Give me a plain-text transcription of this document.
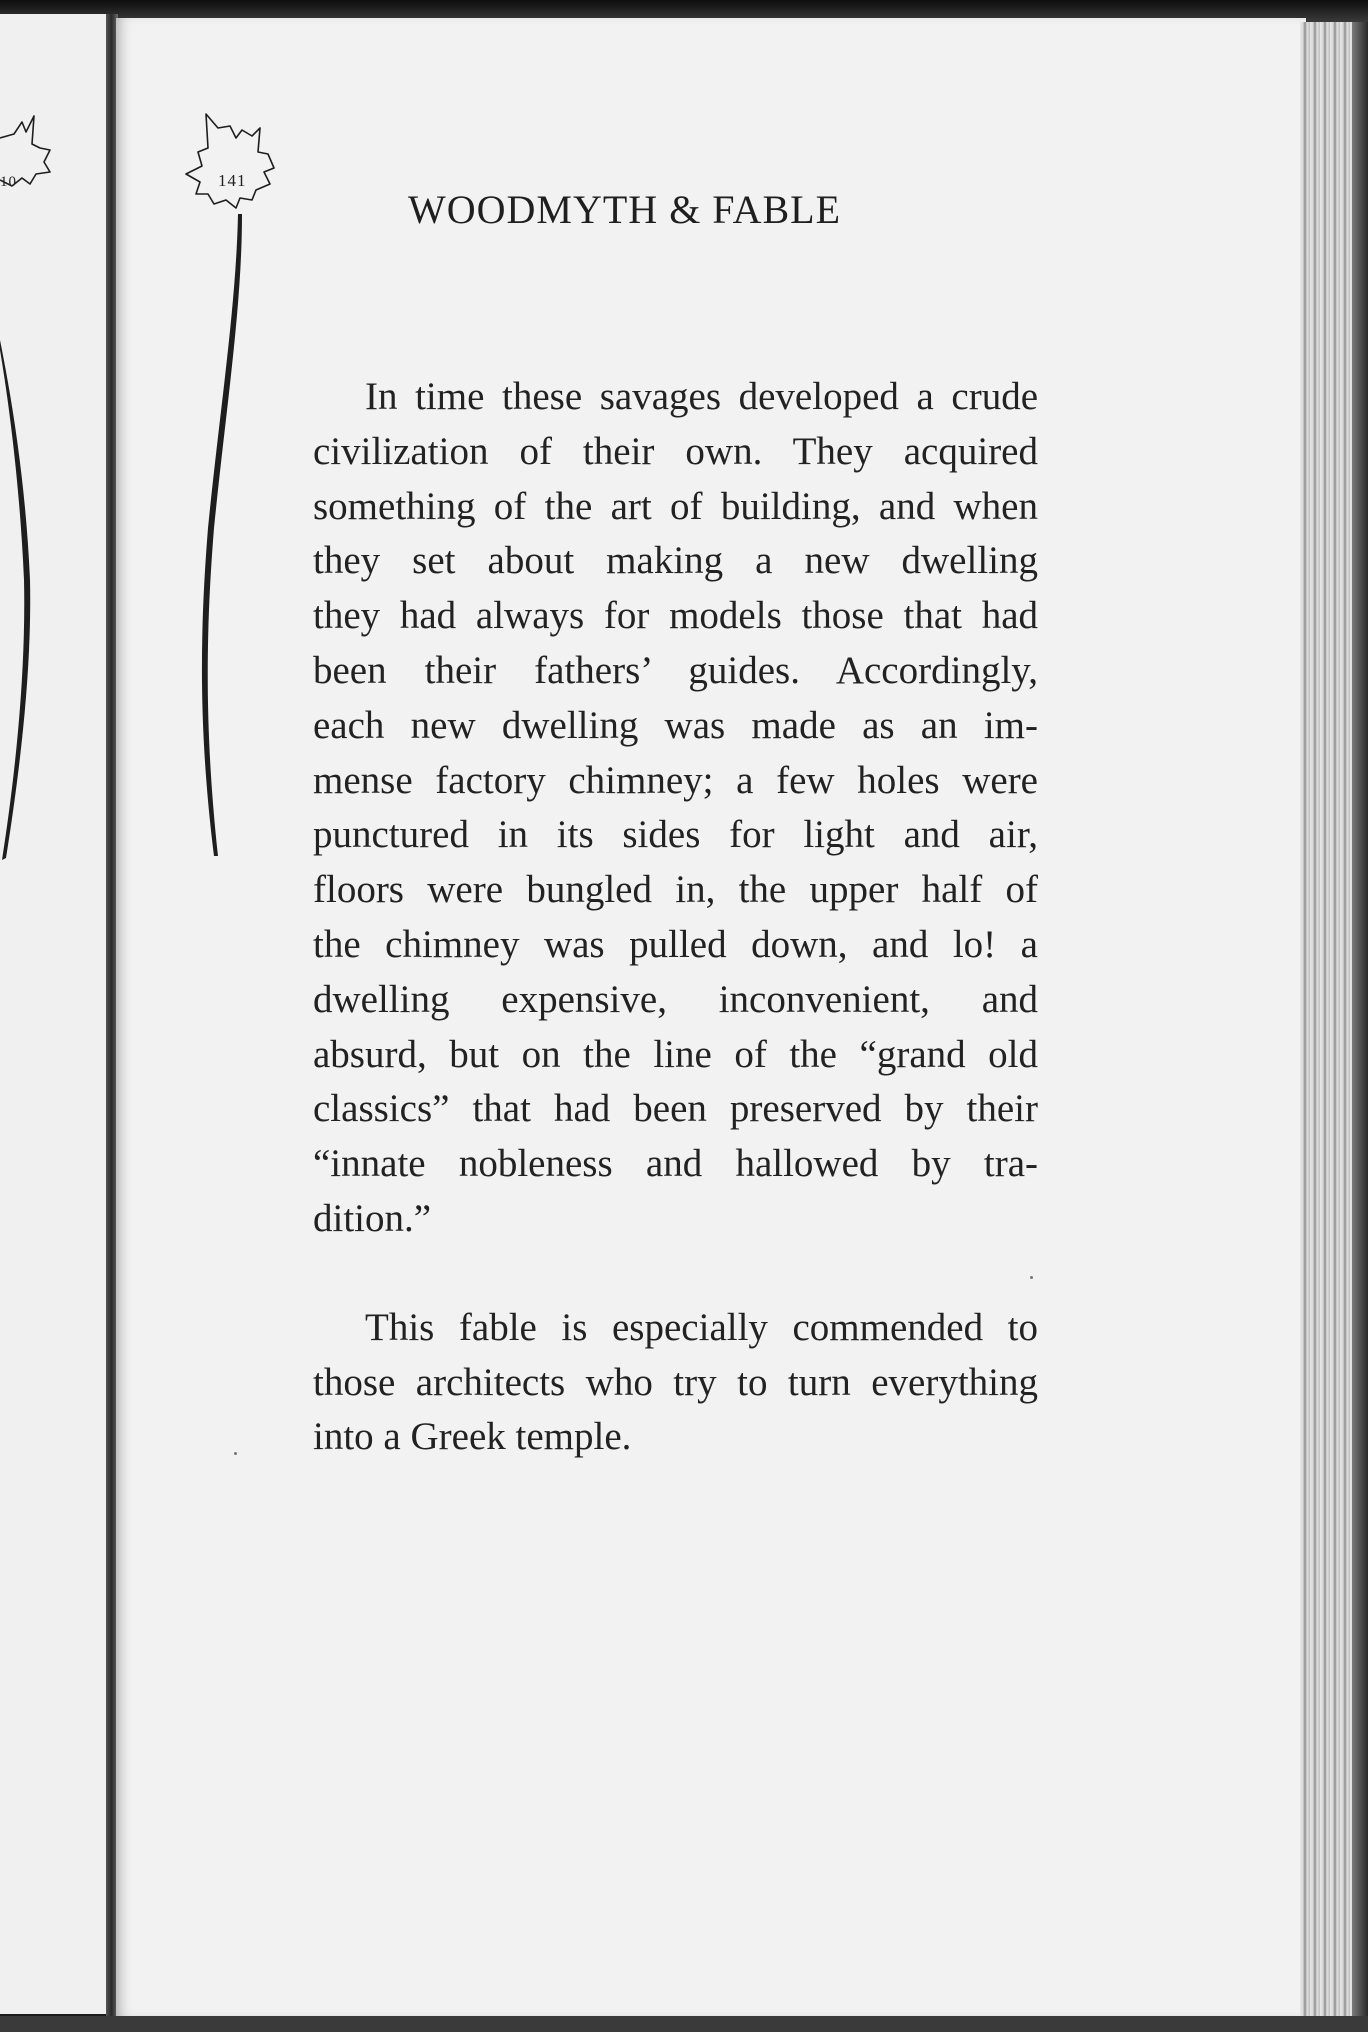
10	141
WOODMYTH & FABLE
In time these savages developed a crude
civilization of their own. They acquired
something of the art of building, and when
they set about making a new dwelling
they had always for models those that had
been their fathers’ guides. Accordingly,
each new dwelling was made as an im-
mense factory chimney; a few holes were
punctured in its sides for light and air,
floors were bungled in, the upper half of
the chimney was pulled down, and lo! a
dwelling expensive, inconvenient, and
absurd, but on the line of the “grand old
classics” that had been preserved by their
“innate nobleness and hallowed by tra-
dition.”
This fable is especially commended to
those architects who try to turn everything
into a Greek temple.
